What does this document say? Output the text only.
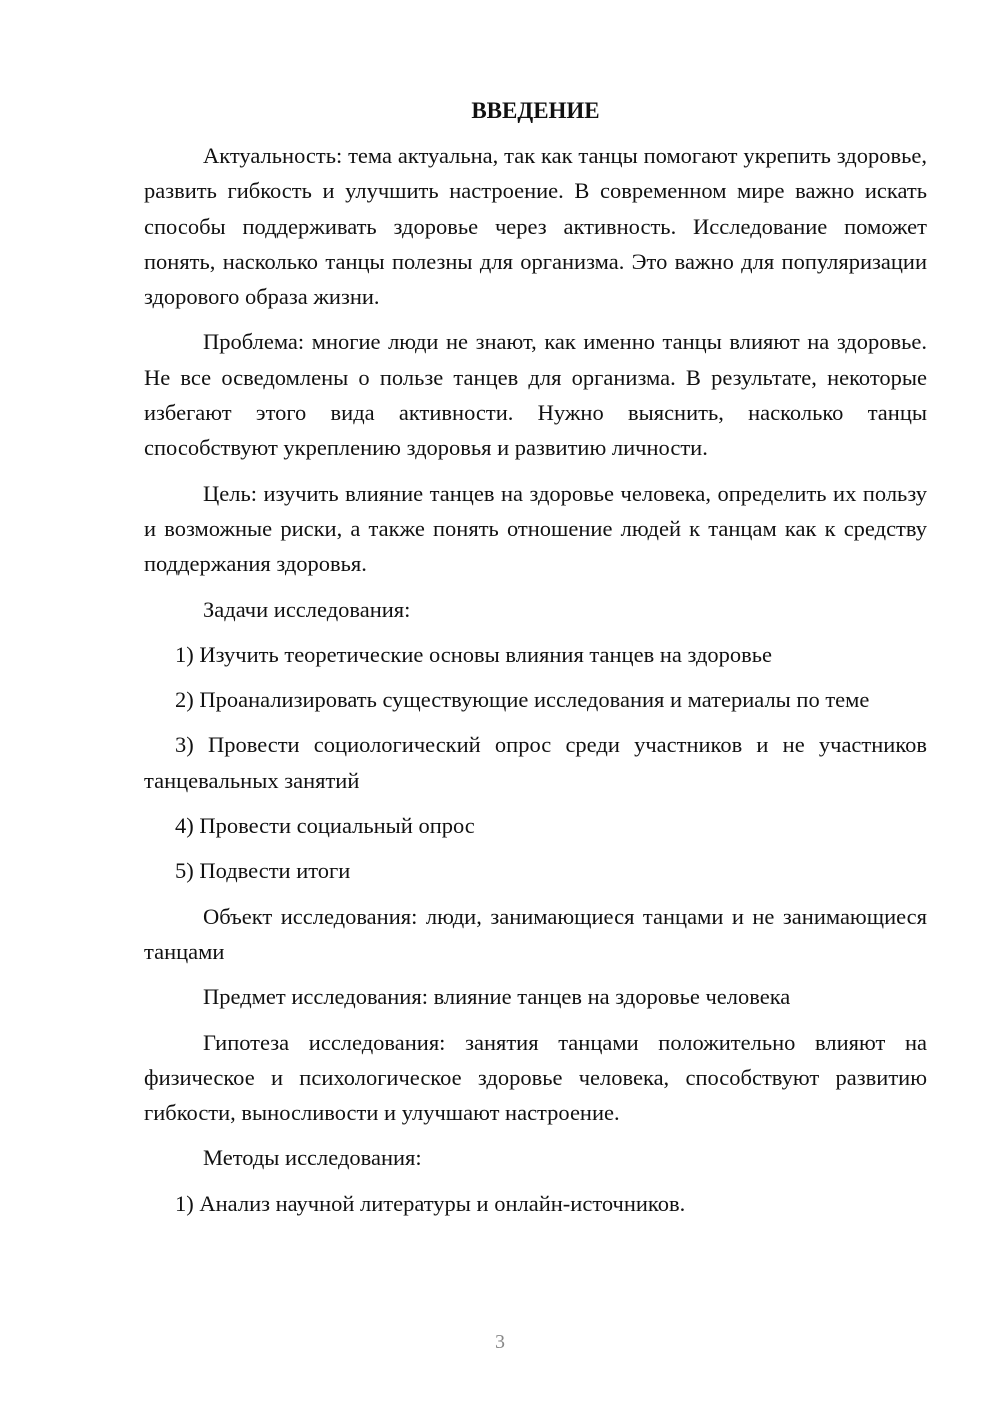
ВВЕДЕНИЕ

Актуальность: тема актуальна, так как танцы помогают укрепить здоровье, развить гибкость и улучшить настроение. В современном мире важно искать способы поддерживать здоровье через активность. Исследование поможет понять, насколько танцы полезны для организма. Это важно для популяризации здорового образа жизни.

Проблема: многие люди не знают, как именно танцы влияют на здоровье. Не все осведомлены о пользе танцев для организма. В результате, некоторые избегают этого вида активности. Нужно выяснить, насколько танцы способствуют укреплению здоровья и развитию личности.

Цель: изучить влияние танцев на здоровье человека, определить их пользу и возможные риски, а также понять отношение людей к танцам как к средству поддержания здоровья.

Задачи исследования:

1) Изучить теоретические основы влияния танцев на здоровье

2) Проанализировать существующие исследования и материалы по теме

3) Провести социологический опрос среди участников и не участников танцевальных занятий

4) Провести социальный опрос

5) Подвести итоги

Объект исследования: люди, занимающиеся танцами и не занимающиеся танцами

Предмет исследования: влияние танцев на здоровье человека

Гипотеза исследования: занятия танцами положительно влияют на физическое и психологическое здоровье человека, способствуют развитию гибкости, выносливости и улучшают настроение.

Методы исследования:

1) Анализ научной литературы и онлайн-источников.

3
